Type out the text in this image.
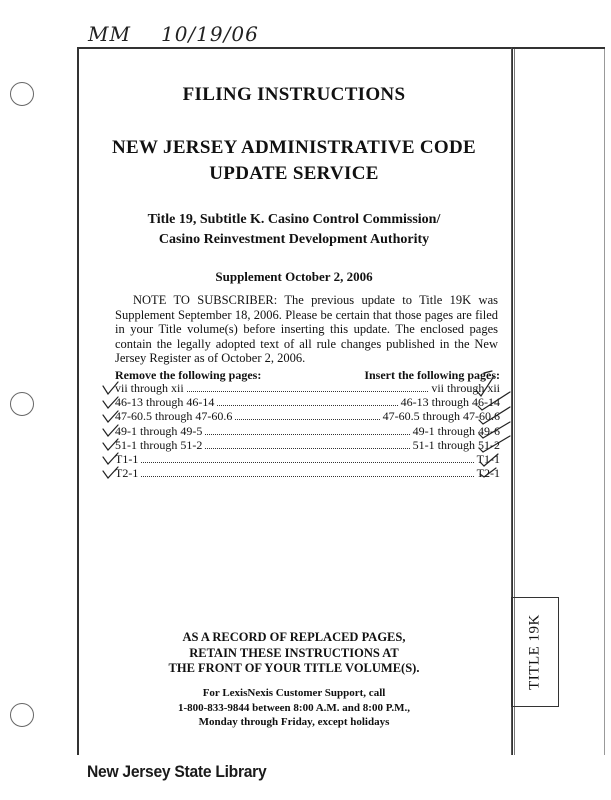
MM 10/19/06
TITLE 19K
FILING INSTRUCTIONS
NEW JERSEY ADMINISTRATIVE CODE
UPDATE SERVICE
Title 19, Subtitle K. Casino Control Commission/
Casino Reinvestment Development Authority
Supplement October 2, 2006
NOTE TO SUBSCRIBER: The previous update to Title 19K was Supplement September 18, 2006. Please be certain that those pages are filed in your Title volume(s) before inserting this update. The enclosed pages contain the legally adopted text of all rule changes published in the New Jersey Register as of October 2, 2006.
Remove the following pages:	Insert the following pages:
vii through xii	vii through xii
46-13 through 46-14	46-13 through 46-14
47-60.5 through 47-60.6	47-60.5 through 47-60.6
49-1 through 49-5	49-1 through 49-6
51-1 through 51-2	51-1 through 51-2
T1-1	T1-1
T2-1	T2-1
AS A RECORD OF REPLACED PAGES,
RETAIN THESE INSTRUCTIONS AT
THE FRONT OF YOUR TITLE VOLUME(S).
For LexisNexis Customer Support, call
1-800-833-9844 between 8:00 A.M. and 8:00 P.M.,
Monday through Friday, except holidays
New Jersey State Library
